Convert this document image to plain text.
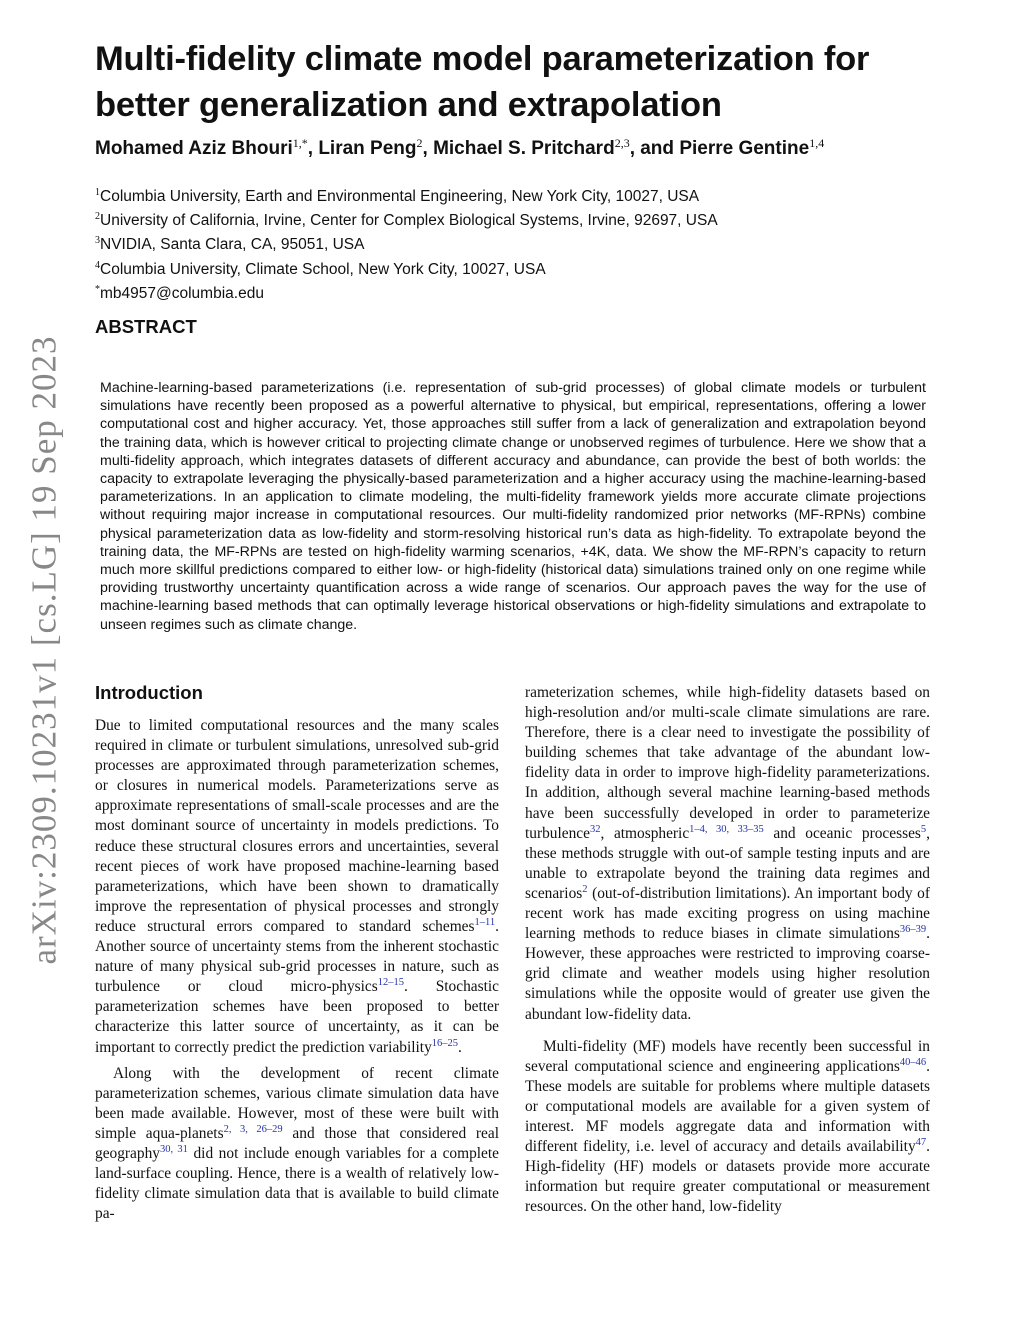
arXiv:2309.10231v1 [cs.LG] 19 Sep 2023
Multi-fidelity climate model parameterization for better generalization and extrapolation
Mohamed Aziz Bhouri$^{1,*}$, Liran Peng$^2$, Michael S. Pritchard$^{2,3}$, and Pierre Gentine$^{1,4}$
$^1$Columbia University, Earth and Environmental Engineering, New York City, 10027, USA
$^2$University of California, Irvine, Center for Complex Biological Systems, Irvine, 92697, USA
$^3$NVIDIA, Santa Clara, CA, 95051, USA
$^4$Columbia University, Climate School, New York City, 10027, USA
*mb4957@columbia.edu
ABSTRACT

Machine-learning-based parameterizations (i.e. representation of sub-grid processes) of global climate models or turbulent simulations have recently been proposed as a powerful alternative to physical, but empirical, representations, offering a lower computational cost and higher accuracy. Yet, those approaches still suffer from a lack of generalization and extrapolation beyond the training data, which is however critical to projecting climate change or unobserved regimes of turbulence. Here we show that a multi-fidelity approach, which integrates datasets of different accuracy and abundance, can provide the best of both worlds: the capacity to extrapolate leveraging the physically-based parameterization and a higher accuracy using the machine-learning-based parameterizations. In an application to climate modeling, the multi-fidelity framework yields more accurate climate projections without requiring major increase in computational resources. Our multi-fidelity randomized prior networks (MF-RPNs) combine physical parameterization data as low-fidelity and storm-resolving historical run’s data as high-fidelity. To extrapolate beyond the training data, the MF-RPNs are tested on high-fidelity warming scenarios, +4K, data. We show the MF-RPN’s capacity to return much more skillful predictions compared to either low- or high-fidelity (historical data) simulations trained only on one regime while providing trustworthy uncertainty quantification across a wide range of scenarios. Our approach paves the way for the use of machine-learning based methods that can optimally leverage historical observations or high-fidelity simulations and extrapolate to unseen regimes such as climate change.

Introduction

Due to limited computational resources and the many scales required in climate or turbulent simulations, unresolved sub-grid processes are approximated through parameterization schemes, or closures in numerical models. Parameterizations serve as approximate representations of small-scale processes and are the most dominant source of uncertainty in models predictions. To reduce these structural closures errors and uncertainties, several recent pieces of work have proposed machine-learning based parameterizations, which have been shown to dramatically improve the representation of physical processes and strongly reduce structural errors compared to standard schemes$^{1-11}$. Another source of uncertainty stems from the inherent stochastic nature of many physical sub-grid processes in nature, such as turbulence or cloud micro-physics$^{12-15}$. Stochastic parameterization schemes have been proposed to better characterize this latter source of uncertainty, as it can be important to correctly predict the prediction variability$^{16-25}$.

Along with the development of recent climate parameterization schemes, various climate simulation data have been made available. However, most of these were built with simple aqua-planets$^{2, 3, 26-29}$ and those that considered real geography$^{30, 31}$ did not include enough variables for a complete land-surface coupling. Hence, there is a wealth of relatively low-fidelity climate simulation data that is available to build climate pa-

rameterization schemes, while high-fidelity datasets based on high-resolution and/or multi-scale climate simulations are rare. Therefore, there is a clear need to investigate the possibility of building schemes that take advantage of the abundant low-fidelity data in order to improve high-fidelity parameterizations. In addition, although several machine learning-based methods have been successfully developed in order to parameterize turbulence$^{32}$, atmospheric$^{1-4, 30, 33-35}$ and oceanic processes$^5$, these methods struggle with out-of sample testing inputs and are unable to extrapolate beyond the training data regimes and scenarios$^2$ (out-of-distribution limitations). An important body of recent work has made exciting progress on using machine learning methods to reduce biases in climate simulations$^{36-39}$. However, these approaches were restricted to improving coarse-grid climate and weather models using higher resolution simulations while the opposite would of greater use given the abundant low-fidelity data.

Multi-fidelity (MF) models have recently been successful in several computational science and engineering applications$^{40-46}$. These models are suitable for problems where multiple datasets or computational models are available for a given system of interest. MF models aggregate data and information with different fidelity, i.e. level of accuracy and details availability$^{47}$. High-fidelity (HF) models or datasets provide more accurate information but require greater computational or measurement resources. On the other hand, low-fidelity
